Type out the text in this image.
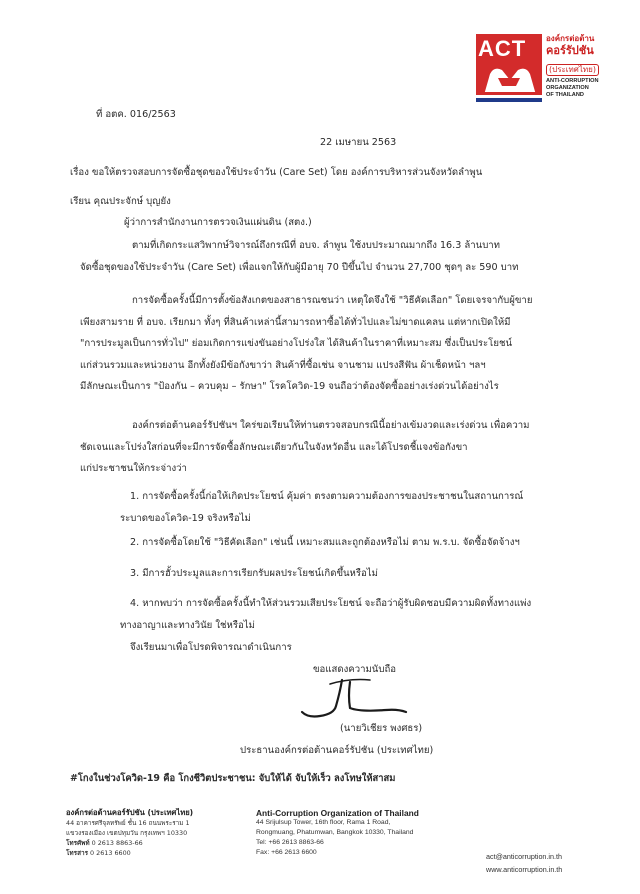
ACT องค์กรต่อต้าน
คอร์รัปชัน
(ประเทศไทย)
ANTI-CORRUPTION
ORGANIZATION
OF THAILAND
ที่ อตค. 016/2563
22 เมษายน 2563
เรื่อง ขอให้ตรวจสอบการจัดซื้อชุดของใช้ประจำวัน (Care Set) โดย องค์การบริหารส่วนจังหวัดลำพูน
เรียน คุณประจักษ์ บุญยัง
ผู้ว่าการสำนักงานการตรวจเงินแผ่นดิน (สตง.)
ตามที่เกิดกระแสวิพากษ์วิจารณ์ถึงกรณีที่ อบจ. ลำพูน ใช้งบประมาณมากถึง 16.3 ล้านบาท
จัดซื้อชุดของใช้ประจำวัน (Care Set) เพื่อแจกให้กับผู้มีอายุ 70 ปีขึ้นไป จำนวน 27,700 ชุดๆ ละ 590 บาท
การจัดซื้อครั้งนี้มีการตั้งข้อสังเกตของสาธารณชนว่า เหตุใดจึงใช้ "วิธีคัดเลือก" โดยเจรจากับผู้ขาย
เพียงสามราย ที่ อบจ. เรียกมา ทั้งๆ ที่สินค้าเหล่านี้สามารถหาซื้อได้ทั่วไปและไม่ขาดแคลน แต่หากเปิดให้มี
"การประมูลเป็นการทั่วไป" ย่อมเกิดการแข่งขันอย่างโปร่งใส ได้สินค้าในราคาที่เหมาะสม ซึ่งเป็นประโยชน์
แก่ส่วนรวมและหน่วยงาน อีกทั้งยังมีข้อกังขาว่า สินค้าที่ซื้อเช่น จานชาม แปรงสีฟัน ผ้าเช็ดหน้า ฯลฯ
มีลักษณะเป็นการ "ป้องกัน – ควบคุม – รักษา" โรคโควิด-19 จนถือว่าต้องจัดซื้ออย่างเร่งด่วนได้อย่างไร
องค์กรต่อต้านคอร์รัปชันฯ ใคร่ขอเรียนให้ท่านตรวจสอบกรณีนี้อย่างเข้มงวดและเร่งด่วน เพื่อความ
ชัดเจนและโปร่งใสก่อนที่จะมีการจัดซื้อลักษณะเดียวกันในจังหวัดอื่น และได้โปรดชี้แจงข้อกังขา
แก่ประชาชนให้กระจ่างว่า
1. การจัดซื้อครั้งนี้ก่อให้เกิดประโยชน์ คุ้มค่า ตรงตามความต้องการของประชาชนในสถานการณ์
ระบาดของโควิด-19 จริงหรือไม่
2. การจัดซื้อโดยใช้ "วิธีคัดเลือก" เช่นนี้ เหมาะสมและถูกต้องหรือไม่ ตาม พ.ร.บ. จัดซื้อจัดจ้างฯ
3. มีการฮั้วประมูลและการเรียกรับผลประโยชน์เกิดขึ้นหรือไม่
4. หากพบว่า การจัดซื้อครั้งนี้ทำให้ส่วนรวมเสียประโยชน์ จะถือว่าผู้รับผิดชอบมีความผิดทั้งทางแพ่ง
ทางอาญาและทางวินัย ใช่หรือไม่
จึงเรียนมาเพื่อโปรดพิจารณาดำเนินการ
ขอแสดงความนับถือ
(นายวิเชียร พงศธร)
ประธานองค์กรต่อต้านคอร์รัปชัน (ประเทศไทย)
#โกงในช่วงโควิด-19 คือ โกงชีวิตประชาชน: จับให้ได้ จับให้เร็ว ลงโทษให้สาสม
องค์กรต่อต้านคอร์รัปชัน (ประเทศไทย)
44 อาคารศรีจุลทรัพย์ ชั้น 16 ถนนพระราม 1
แขวงรองเมือง เขตปทุมวัน กรุงเทพฯ 10330
โทรศัพท์ 0 2613 8863-66
โทรสาร 0 2613 6600
Anti-Corruption Organization of Thailand
44 Srijulsup Tower, 16th floor, Rama 1 Road,
Rongmuang, Phatumwan, Bangkok 10330, Thailand
Tel: +66 2613 8863-66
Fax: +66 2613 6600	act@anticorruption.in.th
www.anticorruption.in.th
